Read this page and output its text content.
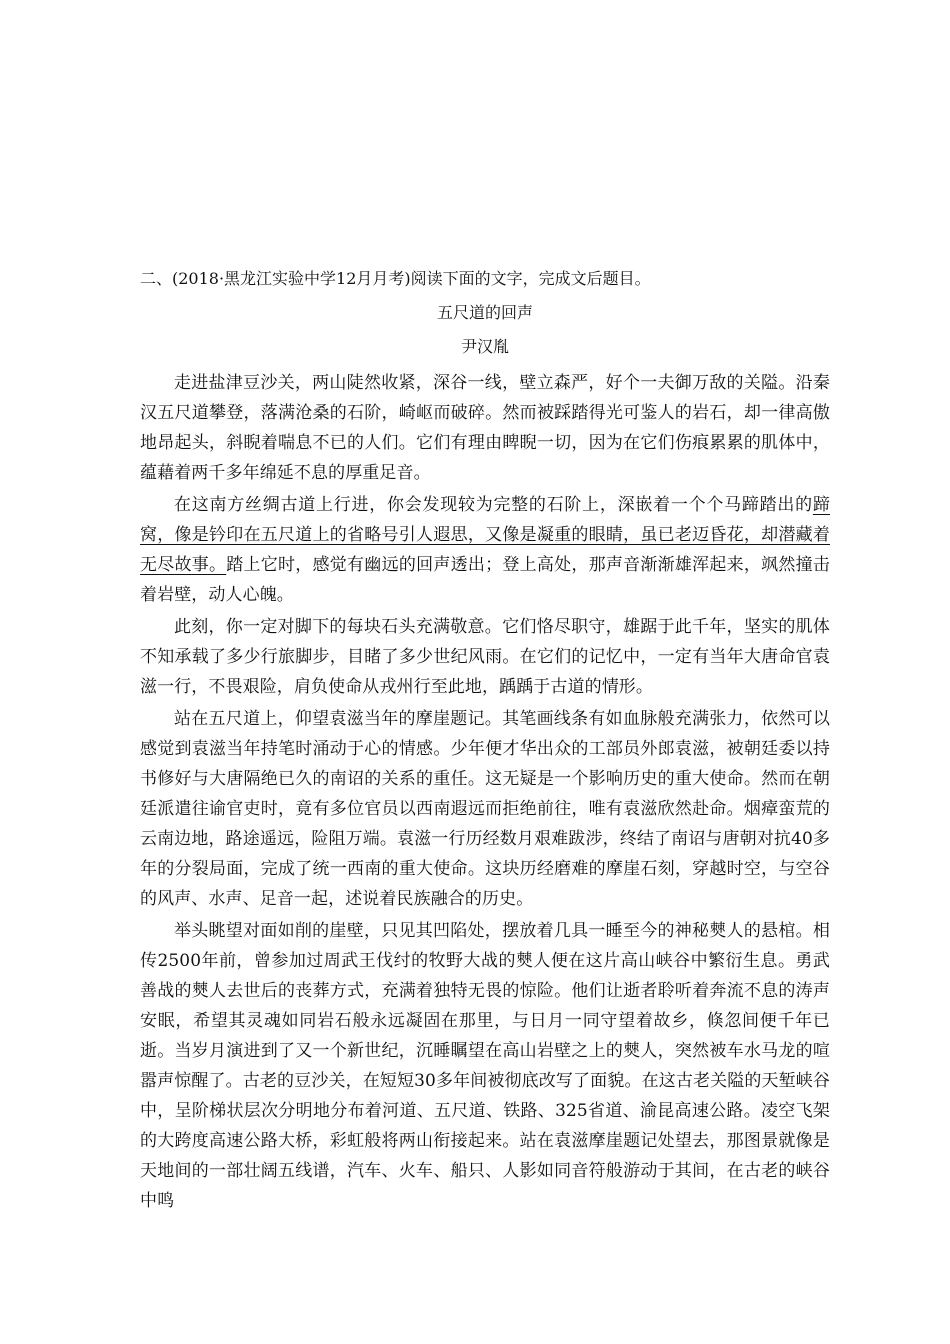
二、(2018·黑龙江实验中学12月月考)阅读下面的文字，完成文后题目。

五尺道的回声

尹汉胤

走进盐津豆沙关，两山陡然收紧，深谷一线，壁立森严，好个一夫御万敌的关隘。沿秦汉五尺道攀登，落满沧桑的石阶，崎岖而破碎。然而被踩踏得光可鉴人的岩石，却一律高傲地昂起头，斜睨着喘息不已的人们。它们有理由睥睨一切，因为在它们伤痕累累的肌体中，蕴藉着两千多年绵延不息的厚重足音。

在这南方丝绸古道上行进，你会发现较为完整的石阶上，深嵌着一个个马蹄踏出的蹄窝，像是钤印在五尺道上的省略号引人遐思，又像是凝重的眼睛，虽已老迈昏花，却潜藏着无尽故事。踏上它时，感觉有幽远的回声透出；登上高处，那声音渐渐雄浑起来，飒然撞击着岩壁，动人心魄。

此刻，你一定对脚下的每块石头充满敬意。它们恪尽职守，雄踞于此千年，坚实的肌体不知承载了多少行旅脚步，目睹了多少世纪风雨。在它们的记忆中，一定有当年大唐命官袁滋一行，不畏艰险，肩负使命从戎州行至此地，踽踽于古道的情形。

站在五尺道上，仰望袁滋当年的摩崖题记。其笔画线条有如血脉般充满张力，依然可以感觉到袁滋当年持笔时涌动于心的情感。少年便才华出众的工部员外郎袁滋，被朝廷委以持书修好与大唐隔绝已久的南诏的关系的重任。这无疑是一个影响历史的重大使命。然而在朝廷派遣往谕官吏时，竟有多位官员以西南遐远而拒绝前往，唯有袁滋欣然赴命。烟瘴蛮荒的云南边地，路途遥远，险阻万端。袁滋一行历经数月艰难跋涉，终结了南诏与唐朝对抗40多年的分裂局面，完成了统一西南的重大使命。这块历经磨难的摩崖石刻，穿越时空，与空谷的风声、水声、足音一起，述说着民族融合的历史。

举头眺望对面如削的崖壁，只见其凹陷处，摆放着几具一睡至今的神秘僰人的悬棺。相传2500年前，曾参加过周武王伐纣的牧野大战的僰人便在这片高山峡谷中繁衍生息。勇武善战的僰人去世后的丧葬方式，充满着独特无畏的惊险。他们让逝者聆听着奔流不息的涛声安眠，希望其灵魂如同岩石般永远凝固在那里，与日月一同守望着故乡，倏忽间便千年已逝。当岁月演进到了又一个新世纪，沉睡瞩望在高山岩壁之上的僰人，突然被车水马龙的喧嚣声惊醒了。古老的豆沙关，在短短30多年间被彻底改写了面貌。在这古老关隘的天堑峡谷中，呈阶梯状层次分明地分布着河道、五尺道、铁路、325省道、渝昆高速公路。凌空飞架的大跨度高速公路大桥，彩虹般将两山衔接起来。站在袁滋摩崖题记处望去，那图景就像是天地间的一部壮阔五线谱，汽车、火车、船只、人影如同音符般游动于其间，在古老的峡谷中鸣
